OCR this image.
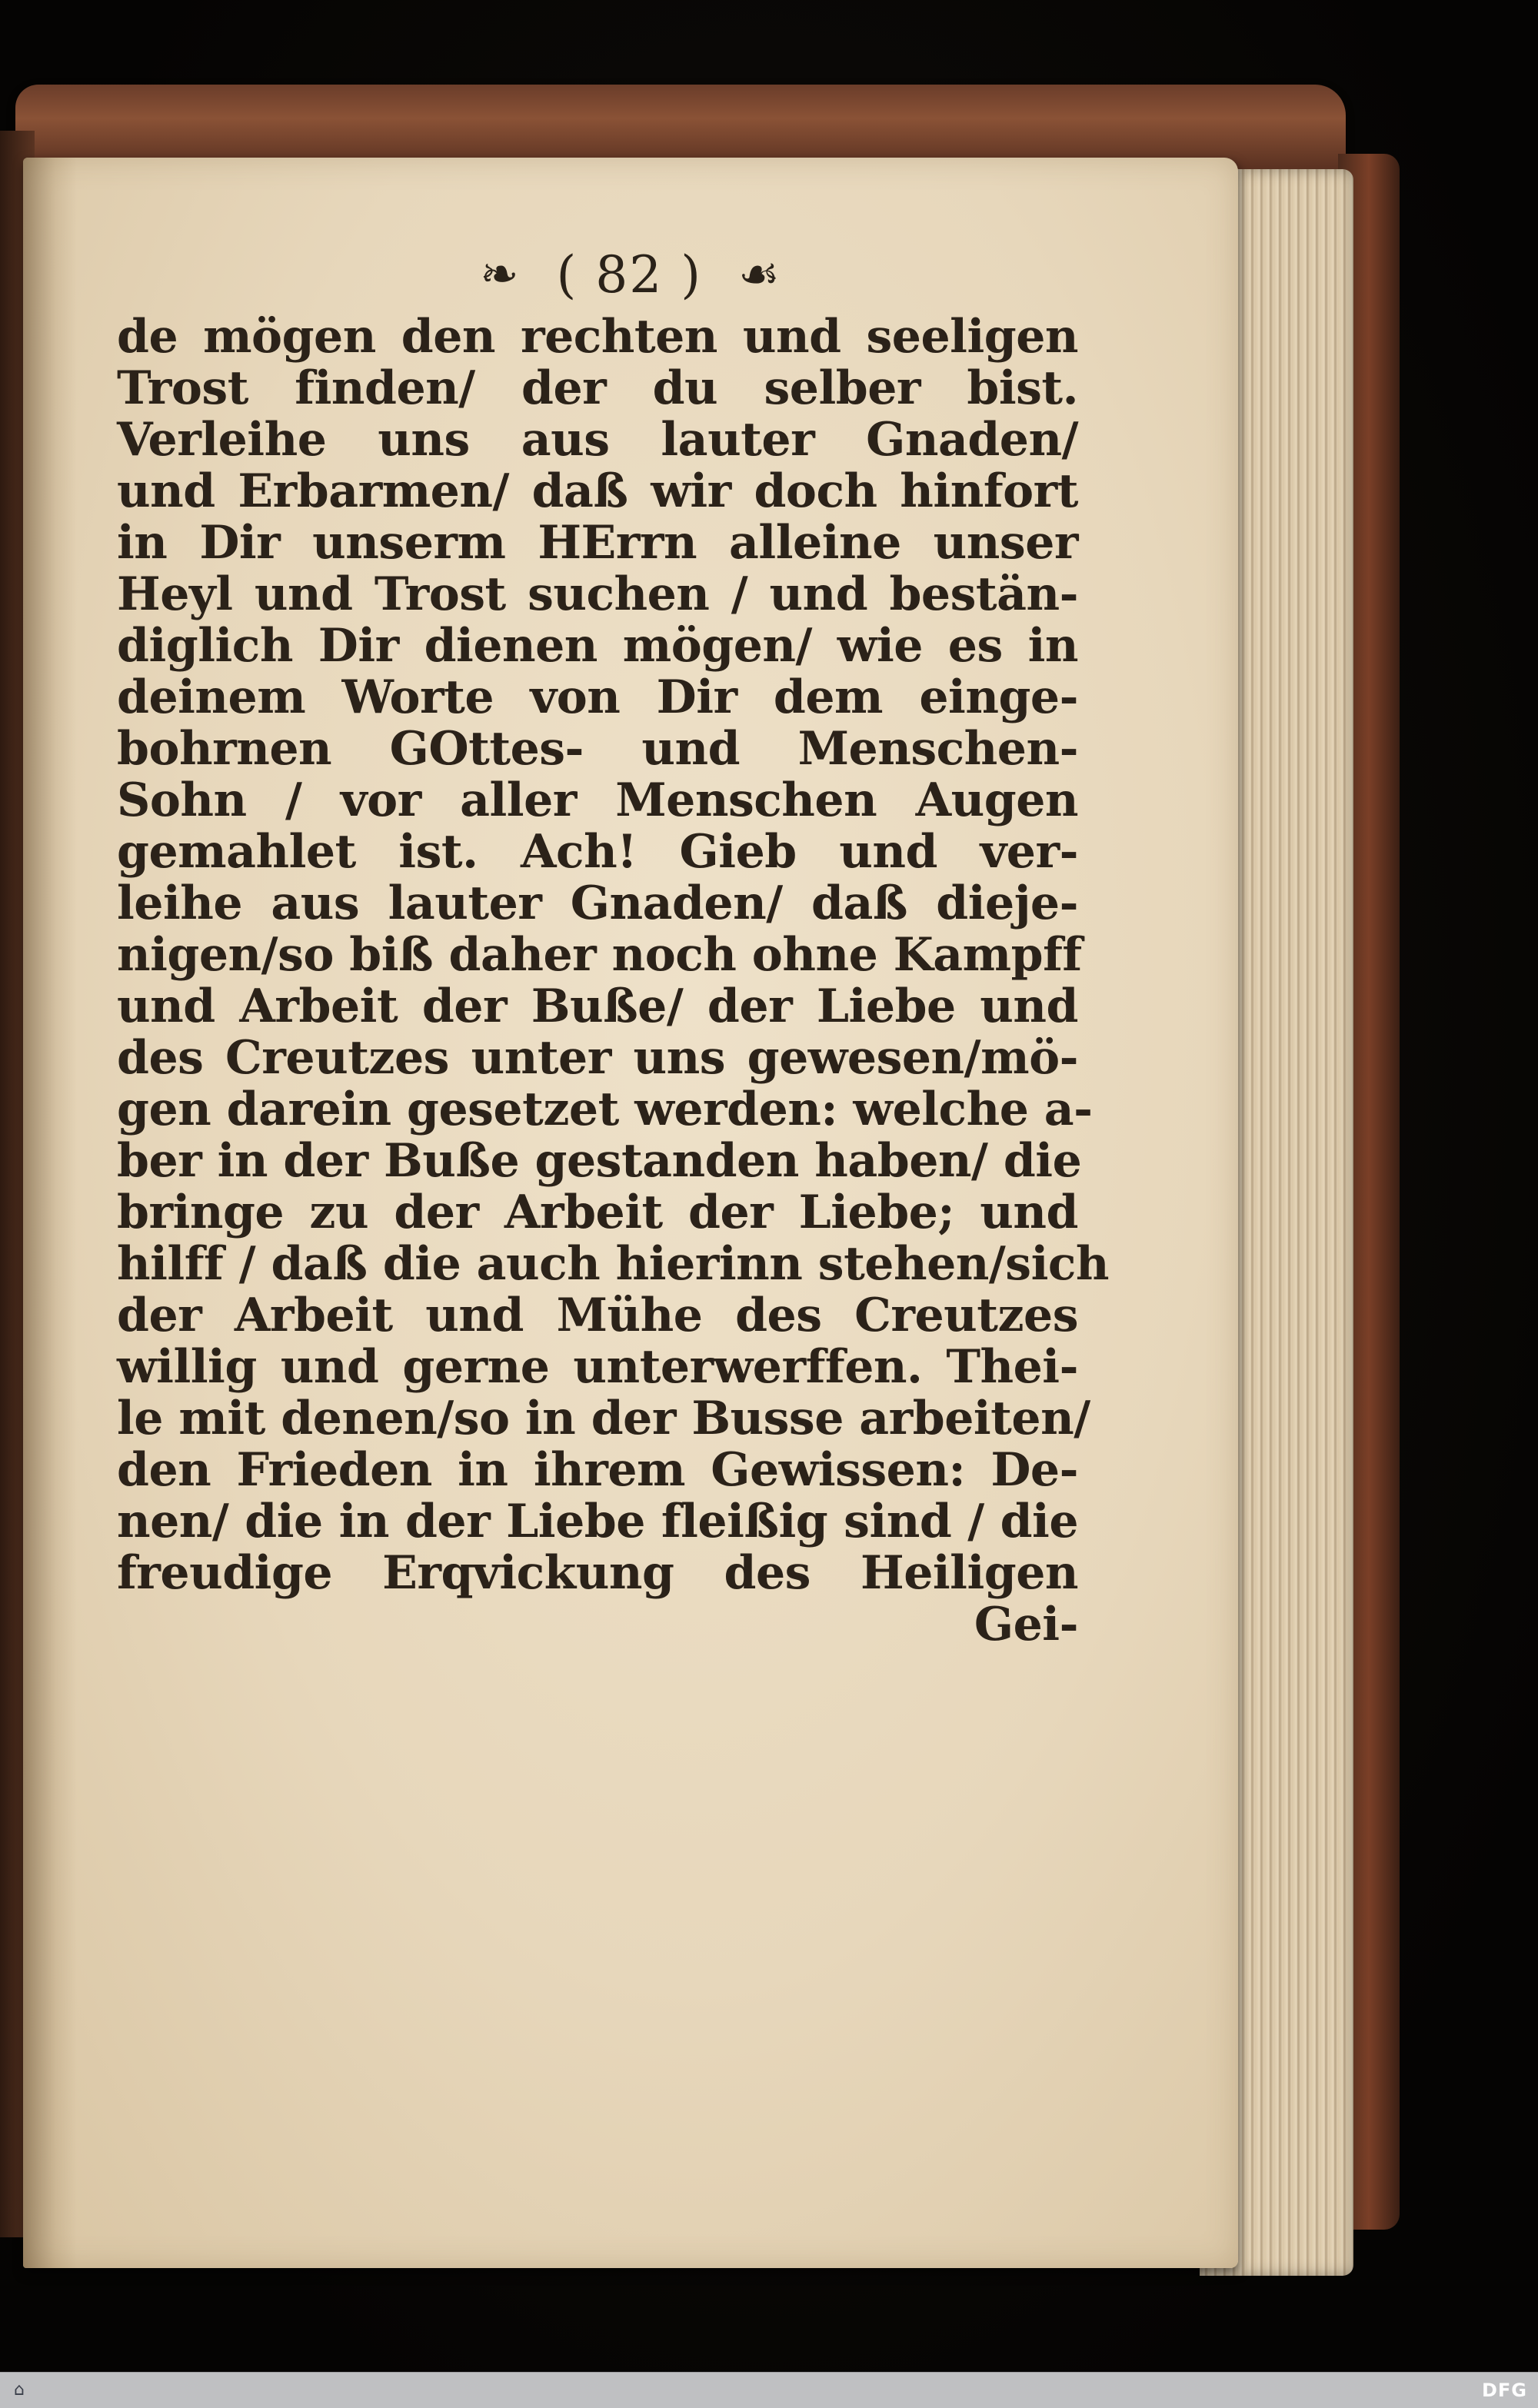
❧ ( 82 ) ☙
de mögen den rechten und seeligen
Trost finden/ der du selber bist.
Verleihe uns aus lauter Gnaden/
und Erbarmen/ daß wir doch hinfort
in Dir unserm HErrn alleine unser
Heyl und Trost suchen / und bestän-
diglich Dir dienen mögen/ wie es in
deinem Worte von Dir dem einge-
bohrnen GOttes- und Menschen-
Sohn / vor aller Menschen Augen
gemahlet ist. Ach! Gieb und ver-
leihe aus lauter Gnaden/ daß dieje-
nigen/so biß daher noch ohne Kampff
und Arbeit der Buße/ der Liebe und
des Creutzes unter uns gewesen/mö-
gen darein gesetzet werden: welche a-
ber in der Buße gestanden haben/ die
bringe zu der Arbeit der Liebe; und
hilff / daß die auch hierinn stehen/sich
der Arbeit und Mühe des Creutzes
willig und gerne unterwerffen. Thei-
le mit denen/so in der Busse arbeiten/
den Frieden in ihrem Gewissen: De-
nen/ die in der Liebe fleißig sind / die
freudige Erqvickung des Heiligen
Gei-
⌂	DFG
